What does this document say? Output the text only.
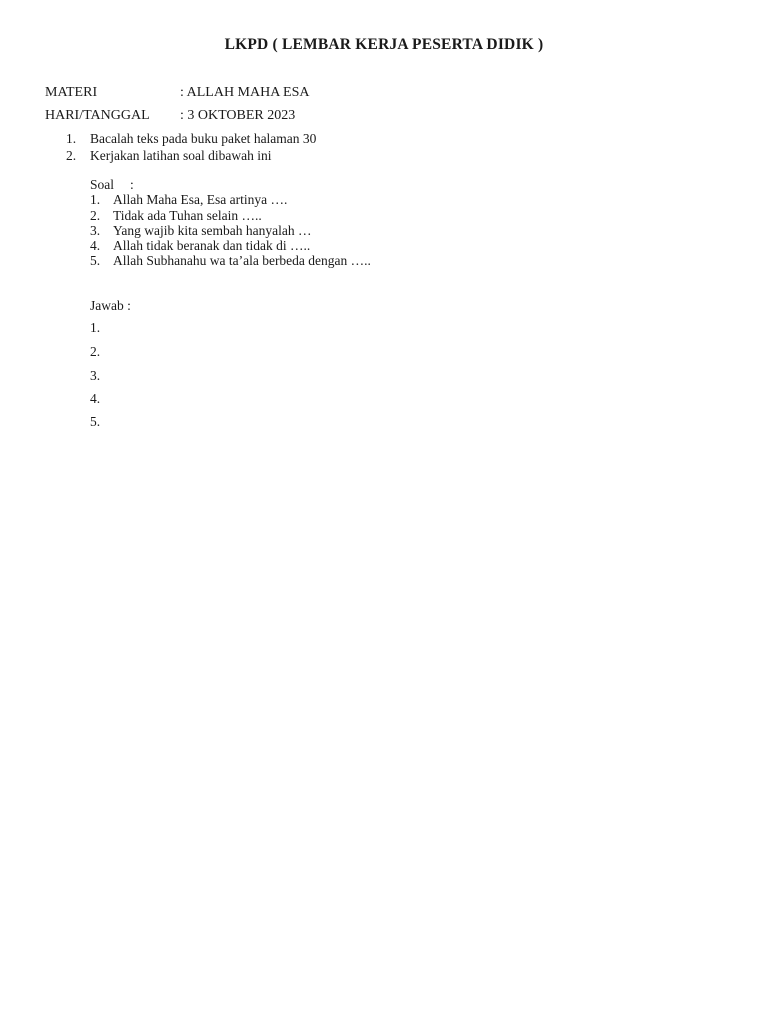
LKPD ( LEMBAR KERJA PESERTA DIDIK )
MATERI	: ALLAH MAHA ESA
HARI/TANGGAL : 3 OKTOBER 2023
1. Bacalah teks pada buku paket halaman 30
2. Kerjakan latihan soal dibawah ini
Soal :
1. Allah Maha Esa, Esa artinya ….
2. Tidak ada Tuhan selain …..
3. Yang wajib kita sembah hanyalah …
4. Allah tidak beranak dan tidak di …..
5. Allah Subhanahu wa ta’ala berbeda dengan …..
Jawab :
1.
2.
3.
4.
5.
